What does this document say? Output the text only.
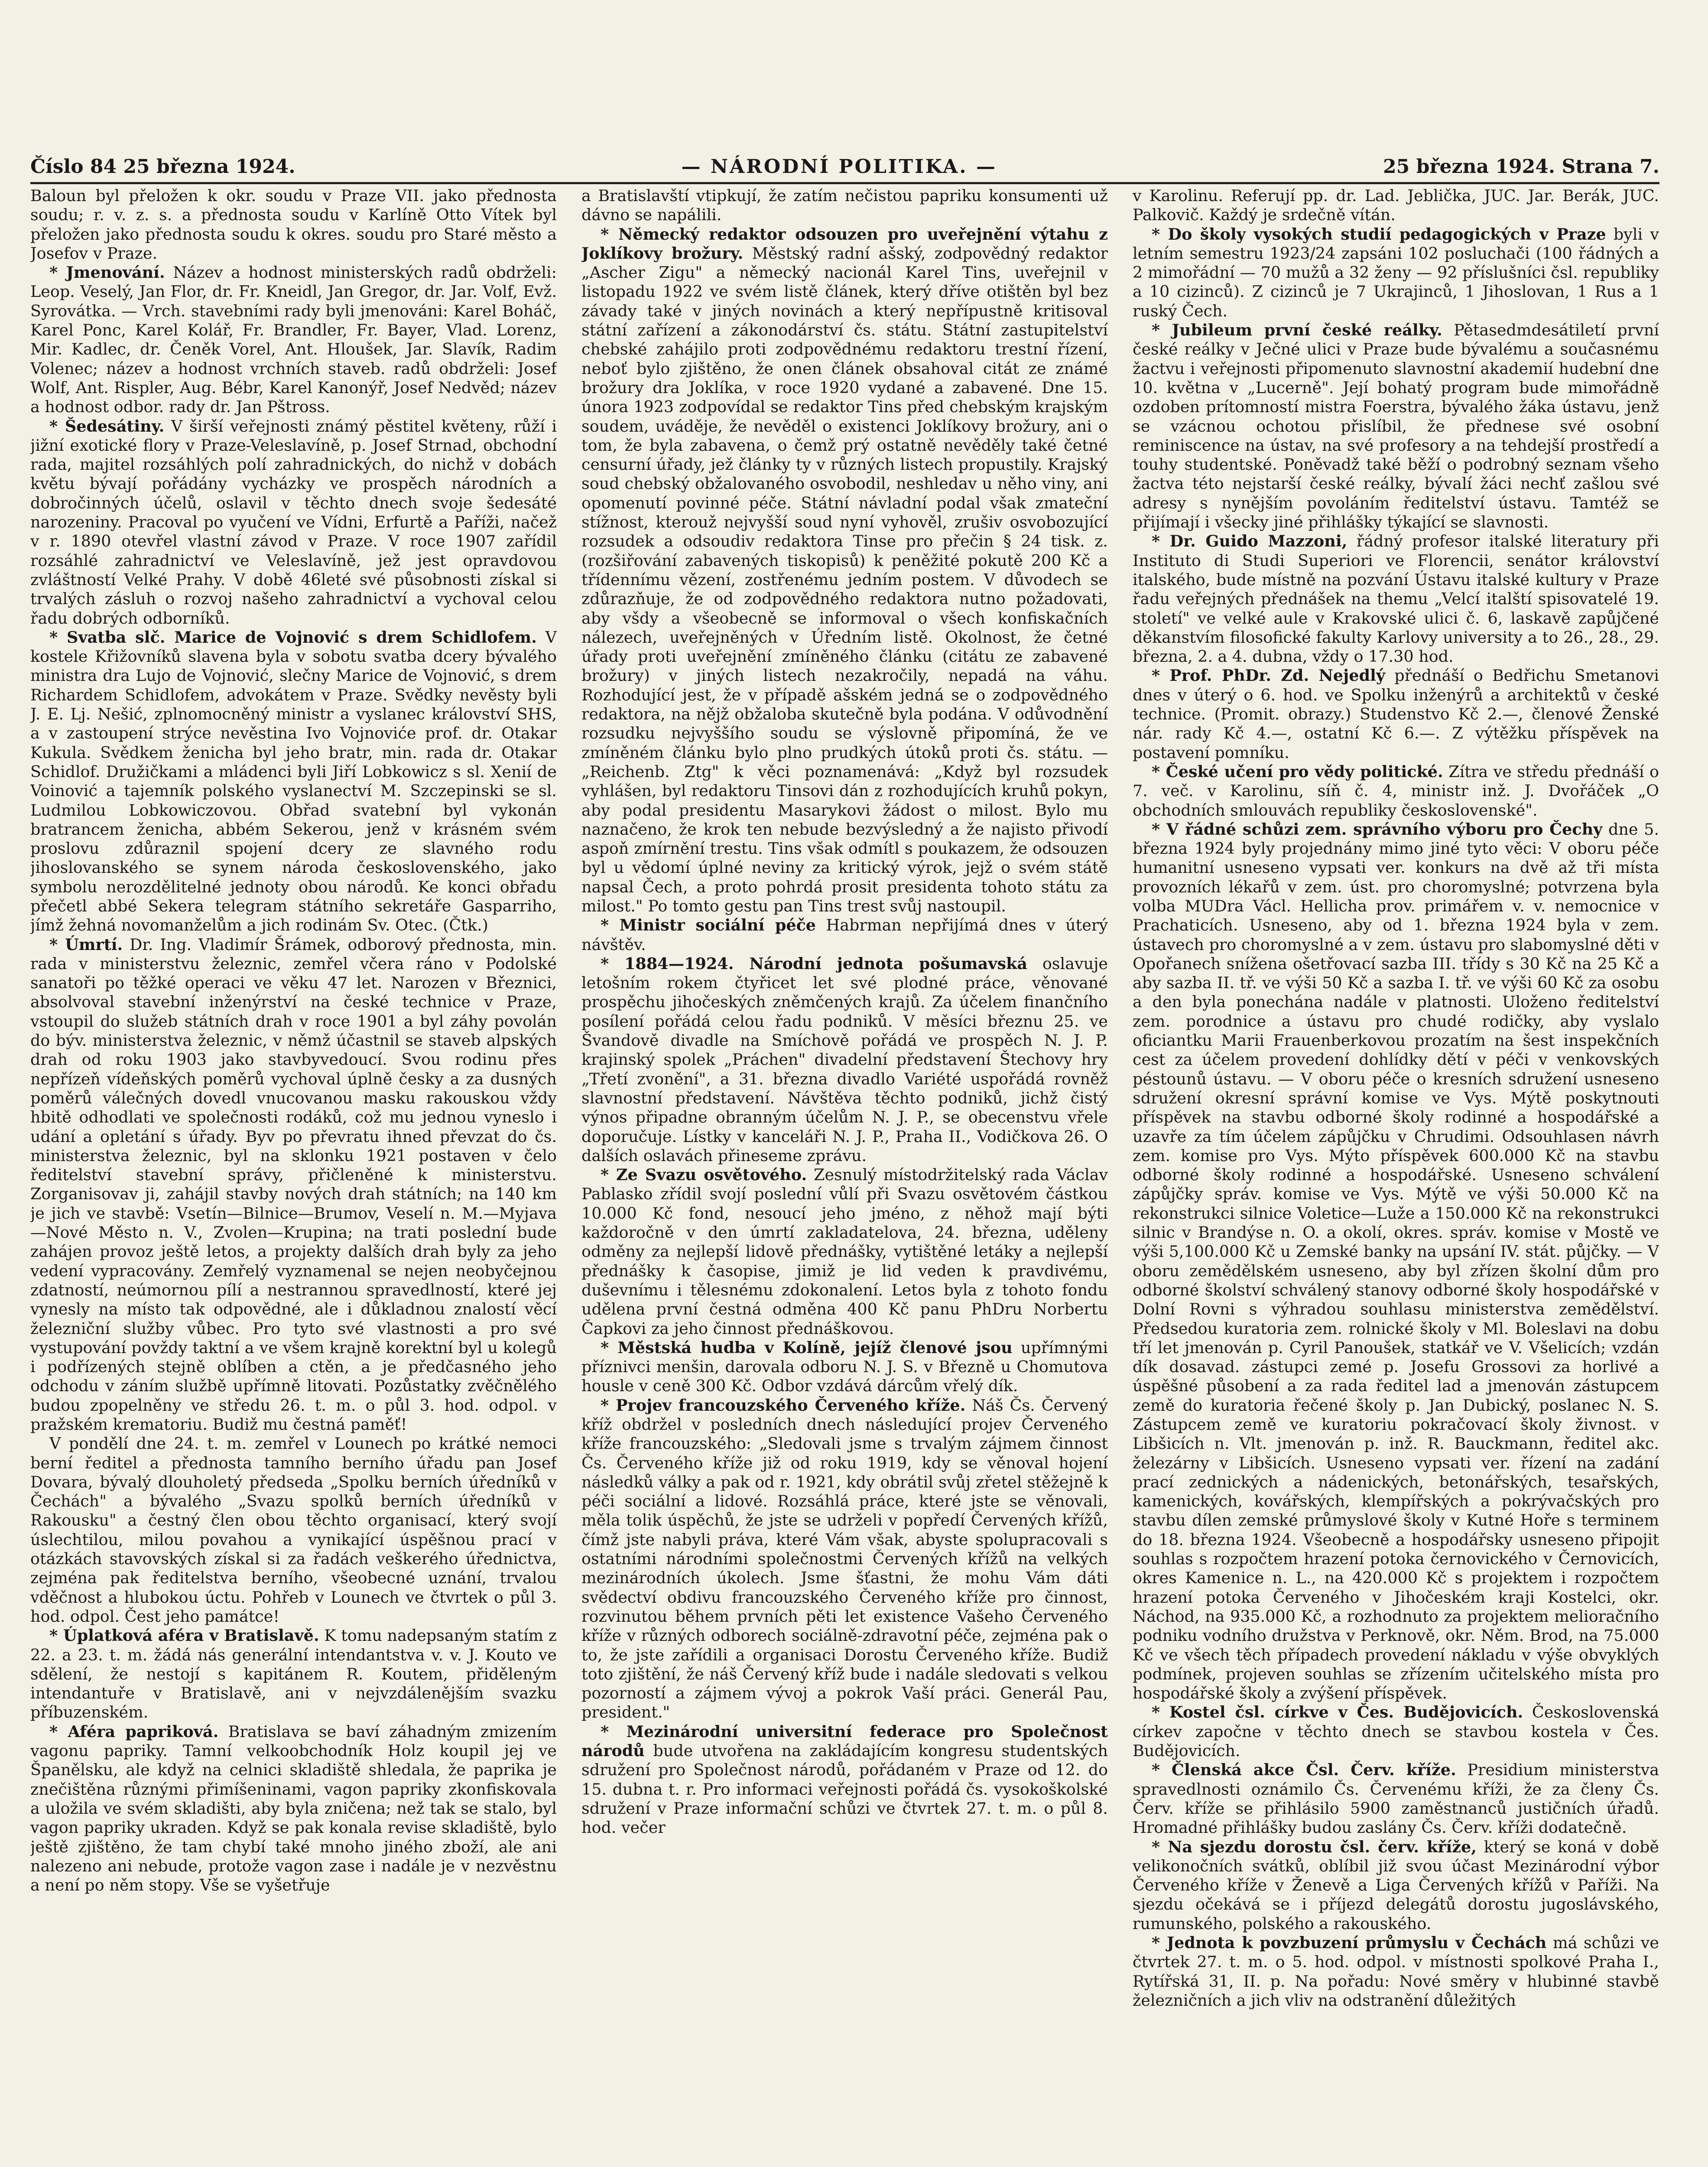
Číslo 84 25 března 1924.	— NÁRODNÍ POLITIKA. —	25 března 1924. Strana 7.

Baloun byl přeložen k okr. soudu v Praze VII. jako přednosta soudu; r. v. z. s. a přednosta soudu v Karlíně Otto Vítek byl přeložen jako přednosta soudu k okres. soudu pro Staré město a Josefov v Praze.

* Jmenování. Název a hodnost ministerských radů obdrželi: Leop. Veselý, Jan Flor, dr. Fr. Kneidl, Jan Gregor, dr. Jar. Volf, Evž. Syrovátka. — Vrch. stavebními rady byli jmenováni: Karel Boháč, Karel Ponc, Karel Kolář, Fr. Brandler, Fr. Bayer, Vlad. Lorenz, Mir. Kadlec, dr. Čeněk Vorel, Ant. Hloušek, Jar. Slavík, Radim Volenec; název a hodnost vrchních staveb. radů obdrželi: Josef Wolf, Ant. Rispler, Aug. Bébr, Karel Kanonýř, Josef Nedvěd; název a hodnost odbor. rady dr. Jan Pštross.

* Šedesátiny. V širší veřejnosti známý pěstitel květeny, růží i jižní exotické flory v Praze-Veleslavíně, p. Josef Strnad, obchodní rada, majitel rozsáhlých polí zahradnických, do nichž v dobách květu bývají pořádány vycházky ve prospěch národních a dobročinných účelů, oslavil v těchto dnech svoje šedesáté narozeniny. Pracoval po vyučení ve Vídni, Erfurtě a Paříži, načež v r. 1890 otevřel vlastní závod v Praze. V roce 1907 zařídil rozsáhlé zahradnictví ve Veleslavíně, jež jest opravdovou zvláštností Velké Prahy. V době 46leté své působnosti získal si trvalých zásluh o rozvoj našeho zahradnictví a vychoval celou řadu dobrých odborníků.

* Svatba slč. Marice de Vojnović s drem Schidlofem. V kostele Křižovníků slavena byla v sobotu svatba dcery bývalého ministra dra Lujo de Vojnović, slečny Marice de Vojnović, s drem Richardem Schidlofem, advokátem v Praze. Svědky nevěsty byli J. E. Lj. Nešić, zplnomocněný ministr a vyslanec království SHS, a v zastoupení strýce nevěstina Ivo Vojnoviće prof. dr. Otakar Kukula. Svědkem ženicha byl jeho bratr, min. rada dr. Otakar Schidlof. Družičkami a mládenci byli Jiří Lobkowicz s sl. Xenií de Voinović a tajemník polského vyslanectví M. Szczepinski se sl. Ludmilou Lobkowiczovou. Obřad svatební byl vykonán bratrancem ženicha, abbém Sekerou, jenž v krásném svém proslovu zdůraznil spojení dcery ze slavného rodu jihoslovanského se synem národa československého, jako symbolu nerozdělitelné jednoty obou národů. Ke konci obřadu přečetl abbé Sekera telegram státního sekretáře Gasparriho, jímž žehná novomanželům a jich rodinám Sv. Otec. (Čtk.)

* Úmrtí. Dr. Ing. Vladimír Šrámek, odborový přednosta, min. rada v ministerstvu železnic, zemřel včera ráno v Podolské sanatoři po těžké operaci ve věku 47 let. Narozen v Březnici, absolvoval stavební inženýrství na české technice v Praze, vstoupil do služeb státních drah v roce 1901 a byl záhy povolán do býv. ministerstva železnic, v němž účastnil se staveb alpských drah od roku 1903 jako stavbyvedoucí. Svou rodinu přes nepřízeň vídeňských poměrů vychoval úplně česky a za dusných poměrů válečných dovedl vnucovanou masku rakouskou vždy hbitě odhodlati ve společnosti rodáků, což mu jednou vyneslo i udání a opletání s úřady. Byv po převratu ihned převzat do čs. ministerstva železnic, byl na sklonku 1921 postaven v čelo ředitelství stavební správy, přičleněné k ministerstvu. Zorganisovav ji, zahájil stavby nových drah státních; na 140 km je jich ve stavbě: Vsetín—Bilnice—Brumov, Veselí n. M.—Myjava—Nové Město n. V., Zvolen—Krupina; na trati poslední bude zahájen provoz ještě letos, a projekty dalších drah byly za jeho vedení vypracovány. Zemřelý vyznamenal se nejen neobyčejnou zdatností, neúmornou pílí a nestrannou spravedlností, které jej vynesly na místo tak odpovědné, ale i důkladnou znalostí věcí železniční služby vůbec. Pro tyto své vlastnosti a pro své vystupování povždy taktní a ve všem krajně korektní byl u kolegů i podřízených stejně oblíben a ctěn, a je předčasného jeho odchodu v záním službě upřímně litovati. Pozůstatky zvěčnělého budou zpopelněny ve středu 26. t. m. o půl 3. hod. odpol. v pražském krematoriu. Budiž mu čestná paměť!

V pondělí dne 24. t. m. zemřel v Lounech po krátké nemoci berní ředitel a přednosta tamního berního úřadu pan Josef Dovara, bývalý dlouholetý předseda „Spolku berních úředníků v Čechách" a bývalého „Svazu spolků berních úředníků v Rakousku" a čestný člen obou těchto organisací, který svojí úslechtilou, milou povahou a vynikající úspěšnou prací v otázkách stavovských získal si za řadách veškerého úřednictva, zejména pak ředitelstva berního, všeobecné uznání, trvalou vděčnost a hlubokou úctu. Pohřeb v Lounech ve čtvrtek o půl 3. hod. odpol. Čest jeho památce!

* Úplatková aféra v Bratislavě. K tomu nadepsaným statím z 22. a 23. t. m. žádá nás generální intendantstva v. v. J. Kouto ve sdělení, že nestojí s kapitánem R. Koutem, přiděleným intendantuře v Bratislavě, ani v nejvzdálenějším svazku příbuzenském.

* Aféra papriková. Bratislava se baví záhadným zmizením vagonu papriky. Tamní velkoobchodník Holz koupil jej ve Španělsku, ale když na celnici skladiště shledala, že paprika je znečištěna různými přimíšeninami, vagon papriky zkonfiskovala a uložila ve svém skladišti, aby byla zničena; než tak se stalo, byl vagon papriky ukraden. Když se pak konala revise skladiště, bylo ještě zjištěno, že tam chybí také mnoho jiného zboží, ale ani nalezeno ani nebude, protože vagon zase i nadále je v nezvěstnu a není po něm stopy. Vše se vyšetřuje

a Bratislavští vtipkují, že zatím nečistou papriku konsumenti už dávno se napálili.

* Německý redaktor odsouzen pro uveřejnění výtahu z Joklíkovy brožury. Městský radní ašský, zodpovědný redaktor „Ascher Zigu" a německý nacionál Karel Tins, uveřejnil v listopadu 1922 ve svém listě článek, který dříve otištěn byl bez závady také v jiných novinách a který nepřípustně kritisoval státní zařízení a zákonodárství čs. státu. Státní zastupitelství chebské zahájilo proti zodpovědnému redaktoru trestní řízení, neboť bylo zjištěno, že onen článek obsahoval citát ze známé brožury dra Joklíka, v roce 1920 vydané a zabavené. Dne 15. února 1923 zodpovídal se redaktor Tins před chebským krajským soudem, uváděje, že nevěděl o existenci Joklíkovy brožury, ani o tom, že byla zabavena, o čemž prý ostatně nevěděly také četné censurní úřady, jež články ty v různých listech propustily. Krajský soud chebský obžalovaného osvobodil, neshledav u něho viny, ani opomenutí povinné péče. Státní návladní podal však zmateční stížnost, kterouž nejvyšší soud nyní vyhověl, zrušiv osvobozující rozsudek a odsoudiv redaktora Tinse pro přečin § 24 tisk. z. (rozšiřování zabavených tiskopisů) k peněžité pokutě 200 Kč a třídennímu vězení, zostřenému jedním postem. V důvodech se zdůrazňuje, že od zodpovědného redaktora nutno požadovati, aby všdy a všeobecně se informoval o všech konfiskačních nálezech, uveřejněných v Úředním listě. Okolnost, že četné úřady proti uveřejnění zmíněného článku (citátu ze zabavené brožury) v jiných listech nezakročily, nepadá na váhu. Rozhodující jest, že v případě ašském jedná se o zodpovědného redaktora, na nějž obžaloba skutečně byla podána. V odůvodnění rozsudku nejvyššího soudu se výslovně připomíná, že ve zmíněném článku bylo plno prudkých útoků proti čs. státu. — „Reichenb. Ztg" k věci poznamenává: „Když byl rozsudek vyhlášen, byl redaktoru Tinsovi dán z rozhodujících kruhů pokyn, aby podal presidentu Masarykovi žádost o milost. Bylo mu naznačeno, že krok ten nebude bezvýsledný a že najisto přivodí aspoň zmírnění trestu. Tins však odmítl s poukazem, že odsouzen byl u vědomí úplné neviny za kritický výrok, jejž o svém státě napsal Čech, a proto pohrdá prosit presidenta tohoto státu za milost." Po tomto gestu pan Tins trest svůj nastoupil.

* Ministr sociální péče Habrman nepřijímá dnes v úterý návštěv.

* 1884—1924. Národní jednota pošumavská oslavuje letošním rokem čtyřicet let své plodné práce, věnované prospěchu jihočeských zněmčených krajů. Za účelem finančního posílení pořádá celou řadu podniků. V měsíci březnu 25. ve Švandově divadle na Smíchově pořádá ve prospěch N. J. P. krajinský spolek „Práchen" divadelní představení Štechovy hry „Třetí zvonění", a 31. března divadlo Variété uspořádá rovněž slavnostní představení. Návštěva těchto podniků, jichž čistý výnos připadne obranným účelům N. J. P., se obecenstvu vřele doporučuje. Lístky v kanceláři N. J. P., Praha II., Vodičkova 26. O dalších oslavách přineseme zprávu.

* Ze Svazu osvětového. Zesnulý místodržitelský rada Václav Pablasko zřídil svojí poslední vůlí při Svazu osvětovém částkou 10.000 Kč fond, nesoucí jeho jméno, z něhož mají býti každoročně v den úmrtí zakladatelova, 24. března, uděleny odměny za nejlepší lidově přednášky, vytištěné letáky a nejlepší přednášky k časopise, jimiž je lid veden k pravdivému, duševnímu i tělesnému zdokonalení. Letos byla z tohoto fondu udělena první čestná odměna 400 Kč panu PhDru Norbertu Čapkovi za jeho činnost přednáškovou.

* Městská hudba v Kolíně, jejíž členové jsou upřímnými příznivci menšin, darovala odboru N. J. S. v Březně u Chomutova housle v ceně 300 Kč. Odbor vzdává dárcům vřelý dík.

* Projev francouzského Červeného kříže. Náš Čs. Červený kříž obdržel v posledních dnech následující projev Červeného kříže francouzského: „Sledovali jsme s trvalým zájmem činnost Čs. Červeného kříže již od roku 1919, kdy se věnoval hojení následků války a pak od r. 1921, kdy obrátil svůj zřetel stěžejně k péči sociální a lidové. Rozsáhlá práce, které jste se věnovali, měla tolik úspěchů, že jste se udrželi v popředí Červených křížů, čímž jste nabyli práva, které Vám však, abyste spolupracovali s ostatními národními společnostmi Červených křížů na velkých mezinárodních úkolech. Jsme šťastni, že mohu Vám dáti svědectví obdivu francouzského Červeného kříže pro činnost, rozvinutou během prvních pěti let existence Vašeho Červeného kříže v různých odborech sociálně-zdravotní péče, zejména pak o to, že jste zařídili a organisaci Dorostu Červeného kříže. Budiž toto zjištění, že náš Červený kříž bude i nadále sledovati s velkou pozorností a zájmem vývoj a pokrok Vaší práci. Generál Pau, president."

* Mezinárodní universitní federace pro Společnost národů bude utvořena na zakládajícím kongresu studentských sdružení pro Společnost národů, pořádaném v Praze od 12. do 15. dubna t. r. Pro informaci veřejnosti pořádá čs. vysokoškolské sdružení v Praze informační schůzi ve čtvrtek 27. t. m. o půl 8. hod. večer

v Karolinu. Referují pp. dr. Lad. Jeblička, JUC. Jar. Berák, JUC. Palkovič. Každý je srdečně vítán.

* Do školy vysokých studií pedagogických v Praze byli v letním semestru 1923/24 zapsáni 102 posluchači (100 řádných a 2 mimořádní — 70 mužů a 32 ženy — 92 příslušníci čsl. republiky a 10 cizinců). Z cizinců je 7 Ukrajinců, 1 Jihoslovan, 1 Rus a 1 ruský Čech.

* Jubileum první české reálky. Pětasedmdesátiletí první české reálky v Ječné ulici v Praze bude bývalému a současnému žactvu i veřejnosti připomenuto slavnostní akademií hudební dne 10. května v „Lucerně". Její bohatý program bude mimořádně ozdoben prítomností mistra Foerstra, bývalého žáka ústavu, jenž se vzácnou ochotou přislíbil, že přednese své osobní reminiscence na ústav, na své profesory a na tehdejší prostředí a touhy studentské. Poněvadž také běží o podrobný seznam všeho žactva této nejstarší české reálky, bývalí žáci nechť zašlou své adresy s nynějším povoláním ředitelství ústavu. Tamtéž se přijímají i všecky jiné přihlášky týkající se slavnosti.

* Dr. Guido Mazzoni, řádný profesor italské literatury při Instituto di Studi Superiori ve Florencii, senátor království italského, bude místně na pozvání Ústavu italské kultury v Praze řadu veřejných přednášek na themu „Velcí italští spisovatelé 19. století" ve velké aule v Krakovské ulici č. 6, laskavě zapůjčené děkanstvím filosofické fakulty Karlovy university a to 26., 28., 29. března, 2. a 4. dubna, vždy o 17.30 hod.

* Prof. PhDr. Zd. Nejedlý přednáší o Bedřichu Smetanovi dnes v úterý o 6. hod. ve Spolku inženýrů a architektů v české technice. (Promit. obrazy.) Studenstvo Kč 2.—, členové Ženské nár. rady Kč 4.—, ostatní Kč 6.—. Z výtěžku příspěvek na postavení pomníku.

* České učení pro vědy politické. Zítra ve středu přednáší o 7. več. v Karolinu, síň č. 4, ministr inž. J. Dvořáček „O obchodních smlouvách republiky československé".

* V řádné schůzi zem. správního výboru pro Čechy dne 5. března 1924 byly projednány mimo jiné tyto věci: V oboru péče humanitní usneseno vypsati ver. konkurs na dvě až tři místa provozních lékařů v zem. úst. pro choromyslné; potvrzena byla volba MUDra Václ. Hellicha prov. primářem v. v. nemocnice v Prachaticích. Usneseno, aby od 1. března 1924 byla v zem. ústavech pro choromyslné a v zem. ústavu pro slabomyslné děti v Opořanech snížena ošetřovací sazba III. třídy s 30 Kč na 25 Kč a aby sazba II. tř. ve výši 50 Kč a sazba I. tř. ve výši 60 Kč za osobu a den byla ponechána nadále v platnosti. Uloženo ředitelství zem. porodnice a ústavu pro chudé rodičky, aby vyslalo oficiantku Marii Frauenberkovou prozatím na šest inspekčních cest za účelem provedení dohlídky dětí v péči v venkovských péstounů ústavu. — V oboru péče o kresních sdružení usneseno sdružení okresní správní komise ve Vys. Mýtě poskytnouti příspěvek na stavbu odborné školy rodinné a hospodářské a uzavře za tím účelem zápůjčku v Chrudimi. Odsouhlasen návrh zem. komise pro Vys. Mýto příspěvek 600.000 Kč na stavbu odborné školy rodinné a hospodářské. Usneseno schválení zápůjčky správ. komise ve Vys. Mýtě ve výši 50.000 Kč na rekonstrukci silnice Voletice—Luže a 150.000 Kč na rekonstrukci silnic v Brandýse n. O. a okolí, okres. správ. komise v Mostě ve výši 5,100.000 Kč u Zemské banky na upsání IV. stát. půjčky. — V oboru zemědělském usneseno, aby byl zřízen školní dům pro odborné školství schválený stanovy odborné školy hospodářské v Dolní Rovni s výhradou souhlasu ministerstva zemědělství. Předsedou kuratoria zem. rolnické školy v Ml. Boleslavi na dobu tří let jmenován p. Cyril Panoušek, statkář ve V. Všelicích; vzdán dík dosavad. zástupci zemé p. Josefu Grossovi za horlivé a úspěšné působení a za rada ředitel lad a jmenován zástupcem země do kuratoria řečené školy p. Jan Dubický, poslanec N. S. Zástupcem země ve kuratoriu pokračovací školy živnost. v Libšicích n. Vlt. jmenován p. inž. R. Bauckmann, ředitel akc. železárny v Libšicích. Usneseno vypsati ver. řízení na zadání prací zednických a nádenických, betonářských, tesařských, kamenických, kovářských, klempířských a pokrývačských pro stavbu dílen zemské průmyslové školy v Kutné Hoře s terminem do 18. března 1924. Všeobecně a hospodářsky usneseno připojit souhlas s rozpočtem hrazení potoka černovického v Černovicích, okres Kamenice n. L., na 420.000 Kč s projektem i rozpočtem hrazení potoka Červeného v Jihočeském kraji Kostelci, okr. Náchod, na 935.000 Kč, a rozhodnuto za projektem melioračního podniku vodního družstva v Perknově, okr. Něm. Brod, na 75.000 Kč ve všech těch případech provedení nákladu v výše obvyklých podmínek, projeven souhlas se zřízením učitelského místa pro hospodářské školy a zvýšení příspěvek.

* Kostel čsl. církve v Čes. Budějovicích. Československá církev započne v těchto dnech se stavbou kostela v Čes. Budějovicích.

* Členská akce Čsl. Červ. kříže. Presidium ministerstva spravedlnosti oznámilo Čs. Červenému kříži, že za členy Čs. Červ. kříže se přihlásilo 5900 zaměstnanců justičních úřadů. Hromadné přihlášky budou zaslány Čs. Červ. kříži dodatečně.

* Na sjezdu dorostu čsl. červ. kříže, který se koná v době velikonočních svátků, oblíbil již svou účast Mezinárodní výbor Červeného kříže v Ženevě a Liga Červených křížů v Paříži. Na sjezdu očekává se i příjezd delegátů dorostu jugoslávského, rumunského, polského a rakouského.

* Jednota k povzbuzení průmyslu v Čechách má schůzi ve čtvrtek 27. t. m. o 5. hod. odpol. v místnosti spolkové Praha I., Rytířská 31, II. p. Na pořadu: Nové směry v hlubinné stavbě železničních a jich vliv na odstranění důležitých
